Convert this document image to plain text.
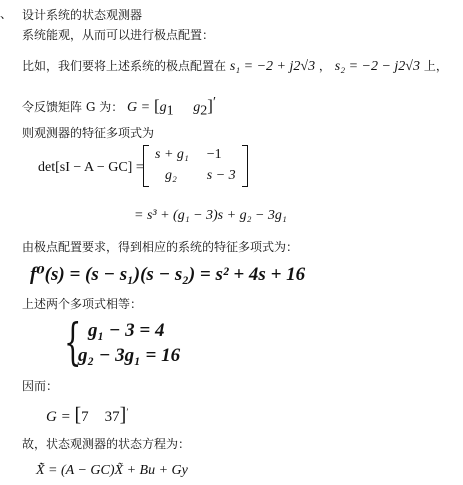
、 设计系统的状态观测器
系统能观，从而可以进行极点配置：
比如，我们要将上述系统的极点配置在 s₁ = −2 + j2√3 ， s₂ = −2 − j2√3 上，
令反馈矩阵 G 为： $G = [g_1$ $g_2]'$
则观测器的特征多项式为
det[sI − A − GC] =
s + g₁ −1
g₂	s − 3
= s³ + (g₁ − 3)s + g₂ − 3g₁
由极点配置要求，得到相应的系统的特征多项式为：
f⁰(s) = (s − s₁)(s − s₂) = s² + 4s + 16
上述两个多项式相等：
{ g₁ − 3 = 4
g₂ − 3g₁ = 16
因而：
G = [7 37]′
故，状态观测器的状态方程为：
X̃̇ = (A − GC)X̃ + Bu + Gy
